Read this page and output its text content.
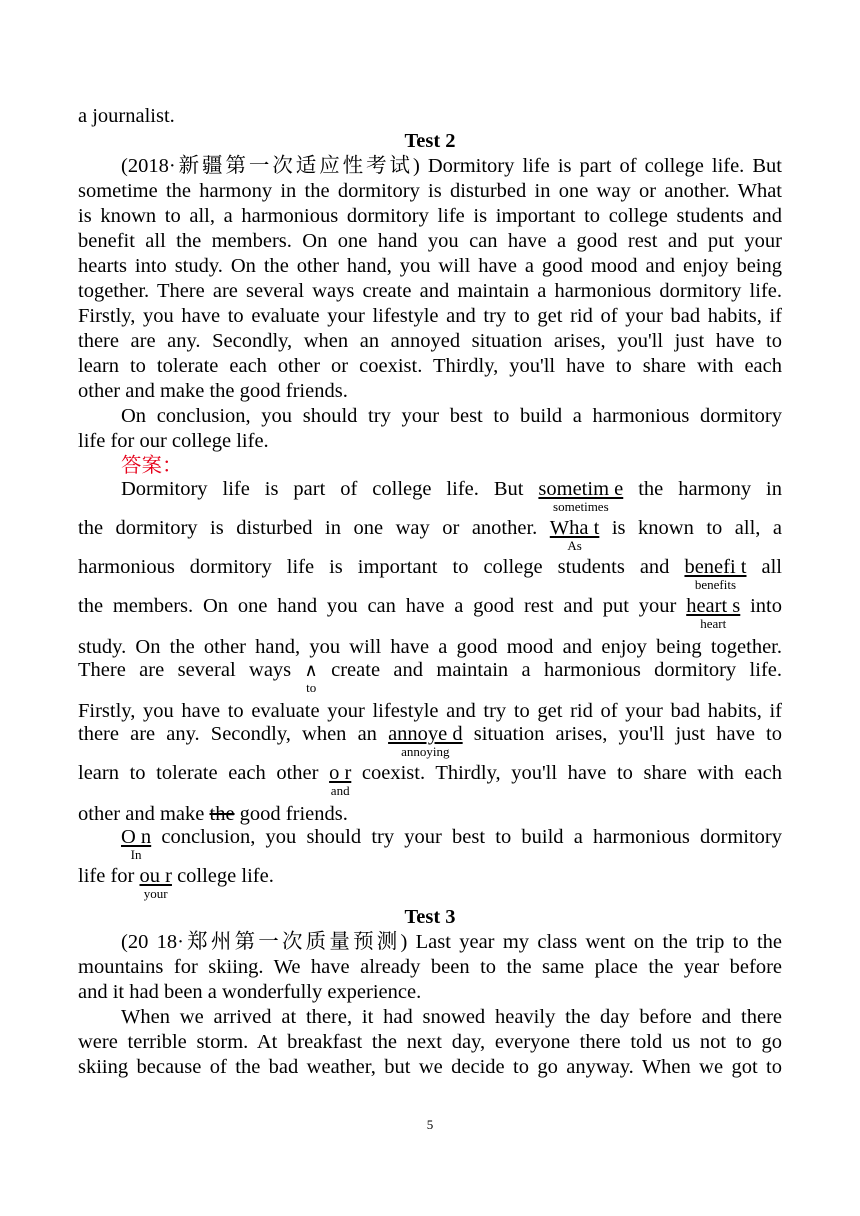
a journalist.
Test 2
(2018·新疆第一次适应性考试) Dormitory life is part of college life. But
sometime the harmony in the dormitory is disturbed in one way or another. What
is known to all, a harmonious dormitory life is important to college students and
benefit all the members. On one hand you can have a good rest and put your
hearts into study. On the other hand, you will have a good mood and enjoy being
together. There are several ways create and maintain a harmonious dormitory life.
Firstly, you have to evaluate your lifestyle and try to get rid of your bad habits, if
there are any. Secondly, when an annoyed situation arises, you'll just have to
learn to tolerate each other or coexist. Thirdly, you'll have to share with each
other and make the good friends.
On conclusion, you should try your best to build a harmonious dormitory
life for our college life.
答案：
Dormitory life is part of college life. But sometim e
sometimes
the harmony in
the dormitory is disturbed in one way or another. Wha t
As
is known to all, a
harmonious dormitory life is important to college students and benefi t
benefits
all
the members. On one hand you can have a good rest and put your heart s
heart
into
study. On the other hand, you will have a good mood and enjoy being together.
There are several ways ∧
to
create and maintain a harmonious dormitory life.
Firstly, you have to evaluate your lifestyle and try to get rid of your bad habits, if
there are any. Secondly, when an annoye d
annoying
situation arises, you'll just have to
learn to tolerate each other o r
and
coexist. Thirdly, you'll have to share with each
other and make the good friends.
O n
In
conclusion, you should try your best to build a harmonious dormitory
life for ou r
your
college life.
Test 3
(20 18·郑州第一次质量预测) Last year my class went on the trip to the
mountains for skiing. We have already been to the same place the year before
and it had been a wonderfully experience.
When we arrived at there, it had snowed heavily the day before and there
were terrible storm. At breakfast the next day, everyone there told us not to go
skiing because of the bad weather, but we decide to go anyway. When we got to
5
